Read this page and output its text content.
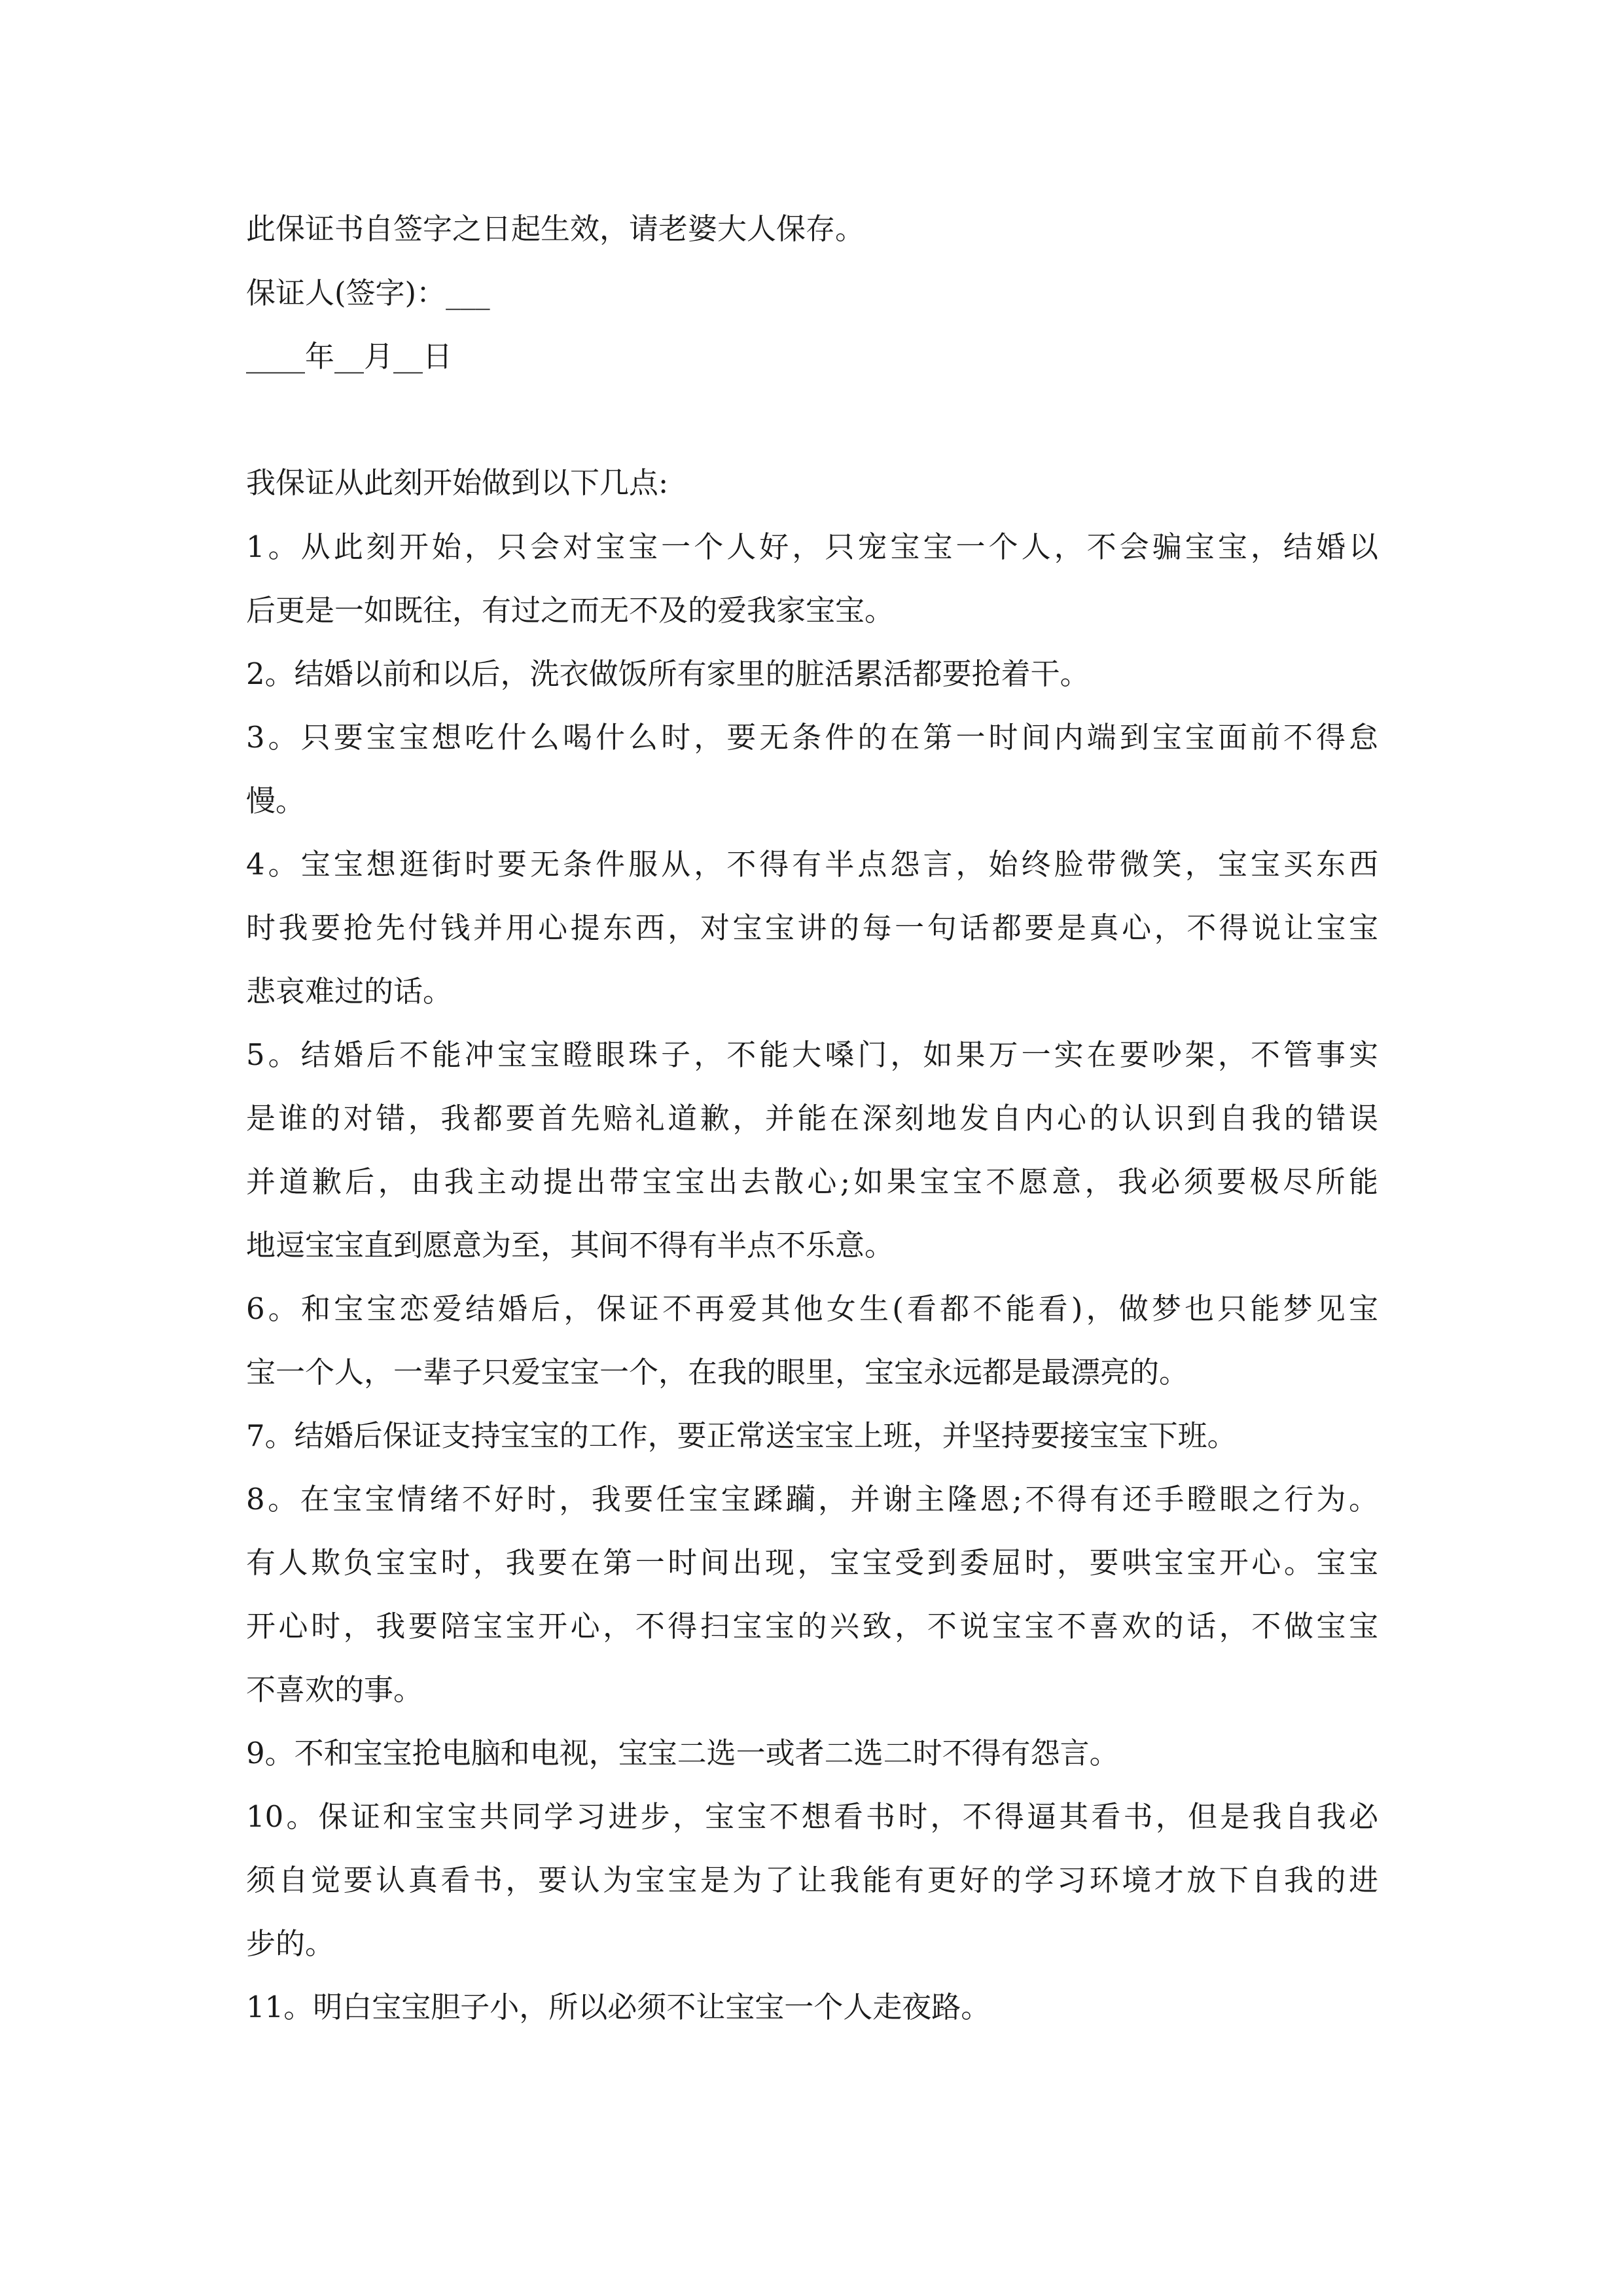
此保证书自签字之日起生效，请老婆大人保存。
保证人(签字)：___
____年__月__日
我保证从此刻开始做到以下几点:
1。从此刻开始，只会对宝宝一个人好，只宠宝宝一个人，不会骗宝宝，结婚以
后更是一如既往，有过之而无不及的爱我家宝宝。
2。结婚以前和以后，洗衣做饭所有家里的脏活累活都要抢着干。
3。只要宝宝想吃什么喝什么时，要无条件的在第一时间内端到宝宝面前不得怠
慢。
4。宝宝想逛街时要无条件服从，不得有半点怨言，始终脸带微笑，宝宝买东西
时我要抢先付钱并用心提东西，对宝宝讲的每一句话都要是真心，不得说让宝宝
悲哀难过的话。
5。结婚后不能冲宝宝瞪眼珠子，不能大嗓门，如果万一实在要吵架，不管事实
是谁的对错，我都要首先赔礼道歉，并能在深刻地发自内心的认识到自我的错误
并道歉后，由我主动提出带宝宝出去散心;如果宝宝不愿意，我必须要极尽所能
地逗宝宝直到愿意为至，其间不得有半点不乐意。
6。和宝宝恋爱结婚后，保证不再爱其他女生(看都不能看)，做梦也只能梦见宝
宝一个人，一辈子只爱宝宝一个，在我的眼里，宝宝永远都是最漂亮的。
7。结婚后保证支持宝宝的工作，要正常送宝宝上班，并坚持要接宝宝下班。
8。在宝宝情绪不好时，我要任宝宝蹂躏，并谢主隆恩;不得有还手瞪眼之行为。
有人欺负宝宝时，我要在第一时间出现，宝宝受到委屈时，要哄宝宝开心。宝宝
开心时，我要陪宝宝开心，不得扫宝宝的兴致，不说宝宝不喜欢的话，不做宝宝
不喜欢的事。
9。不和宝宝抢电脑和电视，宝宝二选一或者二选二时不得有怨言。
10。保证和宝宝共同学习进步，宝宝不想看书时，不得逼其看书，但是我自我必
须自觉要认真看书，要认为宝宝是为了让我能有更好的学习环境才放下自我的进
步的。
11。明白宝宝胆子小，所以必须不让宝宝一个人走夜路。
